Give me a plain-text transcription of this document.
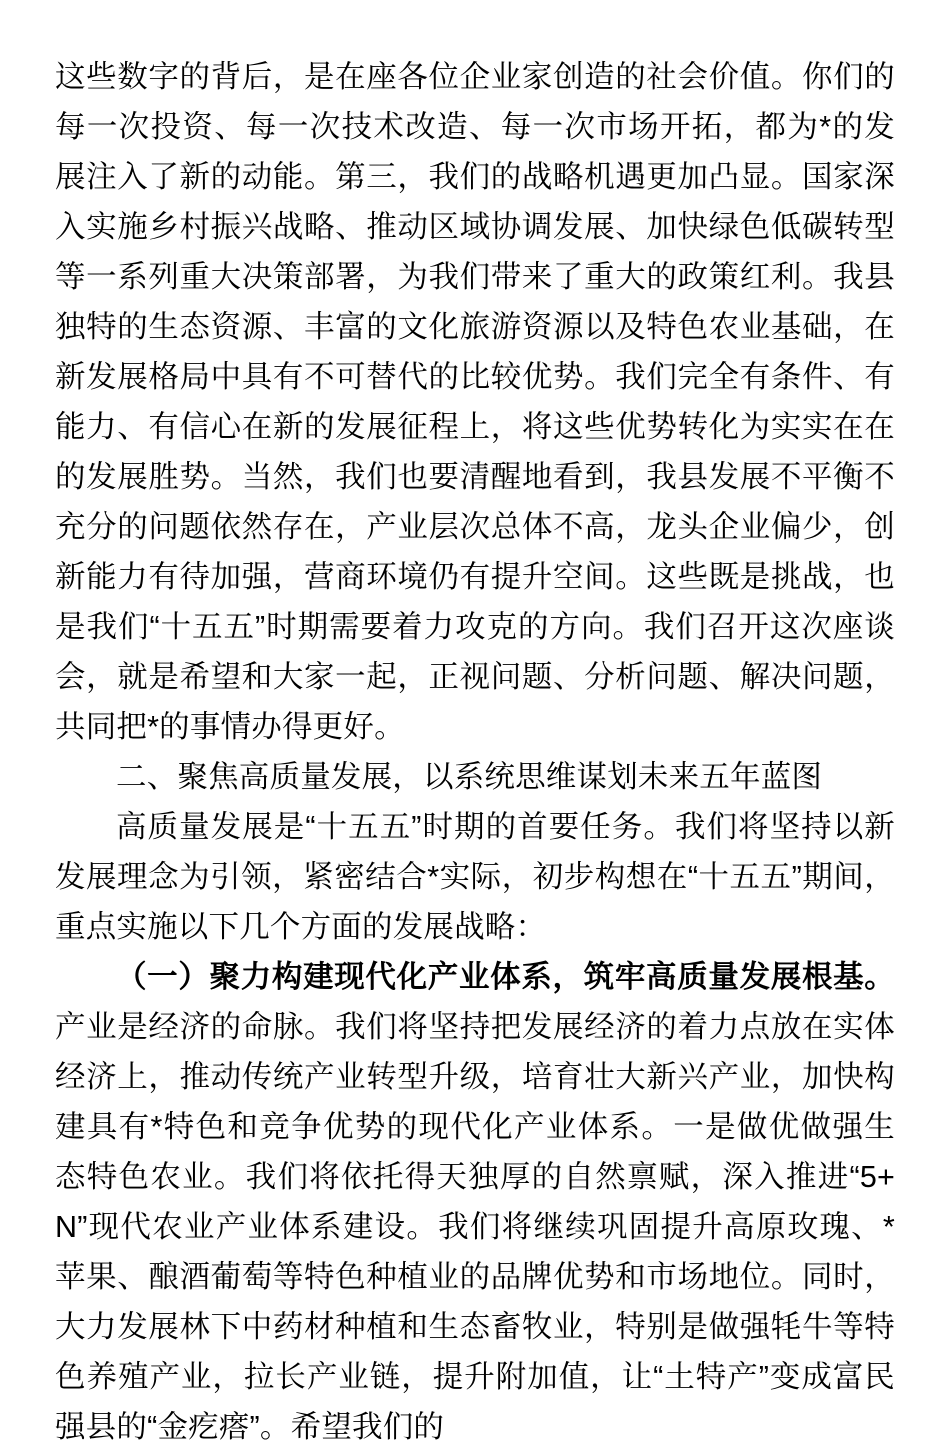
这些数字的背后，是在座各位企业家创造的社会价值。你们的每一次投资、每一次技术改造、每一次市场开拓，都为*的发展注入了新的动能。第三，我们的战略机遇更加凸显。国家深入实施乡村振兴战略、推动区域协调发展、加快绿色低碳转型等一系列重大决策部署，为我们带来了重大的政策红利。我县独特的生态资源、丰富的文化旅游资源以及特色农业基础，在新发展格局中具有不可替代的比较优势。我们完全有条件、有能力、有信心在新的发展征程上，将这些优势转化为实实在在的发展胜势。当然，我们也要清醒地看到，我县发展不平衡不充分的问题依然存在，产业层次总体不高，龙头企业偏少，创新能力有待加强，营商环境仍有提升空间。这些既是挑战，也是我们“十五五”时期需要着力攻克的方向。我们召开这次座谈会，就是希望和大家一起，正视问题、分析问题、解决问题，共同把*的事情办得更好。

二、聚焦高质量发展，以系统思维谋划未来五年蓝图

高质量发展是“十五五”时期的首要任务。我们将坚持以新发展理念为引领，紧密结合*实际，初步构想在“十五五”期间，重点实施以下几个方面的发展战略：

（一）聚力构建现代化产业体系，筑牢高质量发展根基。产业是经济的命脉。我们将坚持把发展经济的着力点放在实体经济上，推动传统产业转型升级，培育壮大新兴产业，加快构建具有*特色和竞争优势的现代化产业体系。一是做优做强生态特色农业。我们将依托得天独厚的自然禀赋，深入推进“5+N”现代农业产业体系建设。我们将继续巩固提升高原玫瑰、*苹果、酿酒葡萄等特色种植业的品牌优势和市场地位。同时，大力发展林下中药材种植和生态畜牧业，特别是做强牦牛等特色养殖产业，拉长产业链，提升附加值，让“土特产”变成富民强县的“金疙瘩”。希望我们的
